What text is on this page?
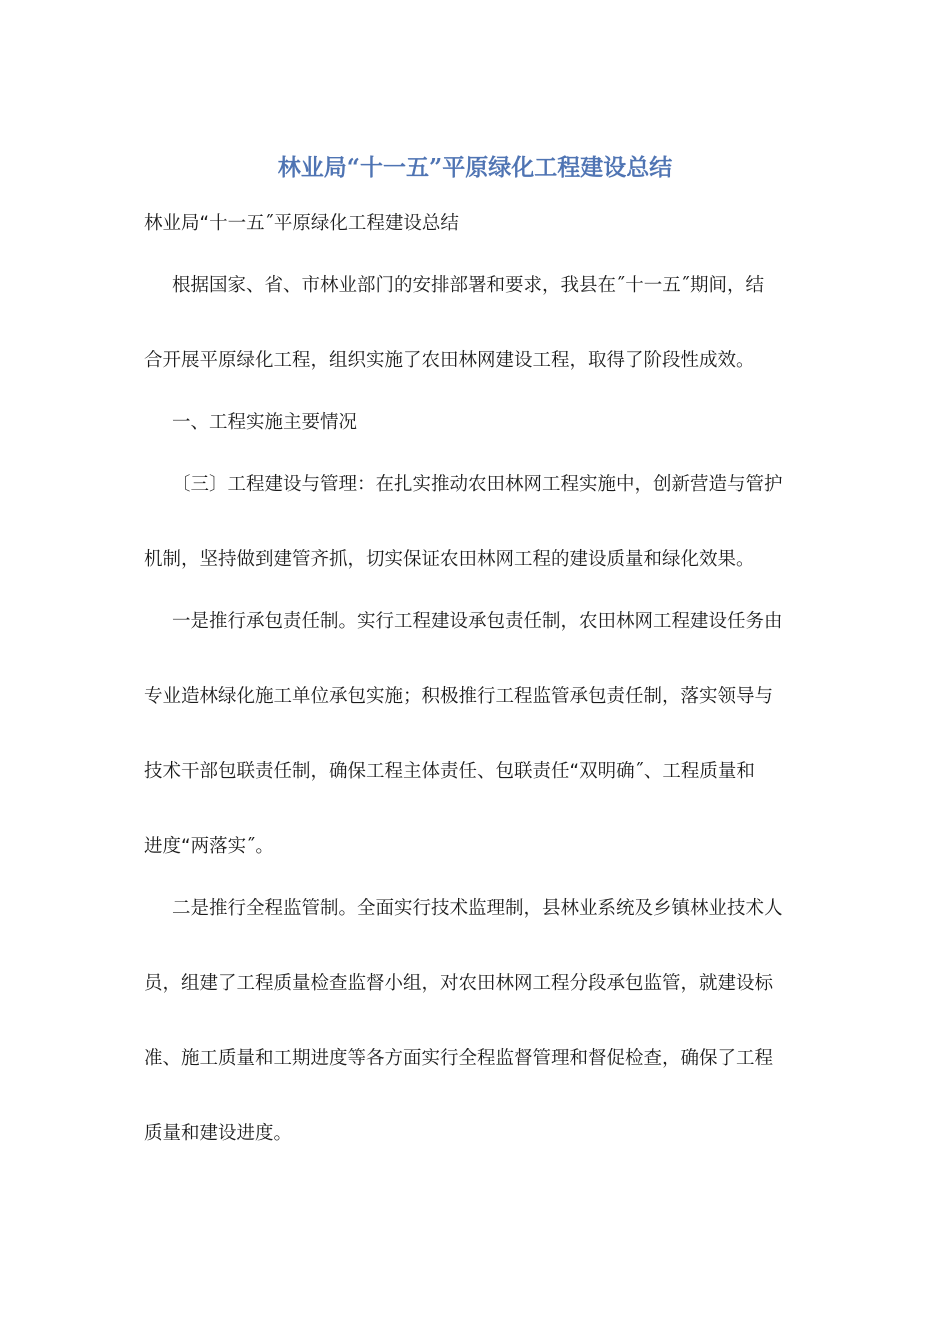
林业局“十一五”平原绿化工程建设总结
林业局“十一五˝平原绿化工程建设总结
根据国家、省、市林业部门的安排部署和要求，我县在˝十一五˝期间，结
合开展平原绿化工程，组织实施了农田林网建设工程，取得了阶段性成效。
一、工程实施主要情况
〔三〕工程建设与管理：在扎实推动农田林网工程实施中，创新营造与管护
机制，坚持做到建管齐抓，切实保证农田林网工程的建设质量和绿化效果。
一是推行承包责任制。实行工程建设承包责任制，农田林网工程建设任务由
专业造林绿化施工单位承包实施；积极推行工程监管承包责任制，落实领导与
技术干部包联责任制，确保工程主体责任、包联责任“双明确˝、工程质量和
进度“两落实˝。
二是推行全程监管制。全面实行技术监理制，县林业系统及乡镇林业技术人
员，组建了工程质量检查监督小组，对农田林网工程分段承包监管，就建设标
准、施工质量和工期进度等各方面实行全程监督管理和督促检查，确保了工程
质量和建设进度。
